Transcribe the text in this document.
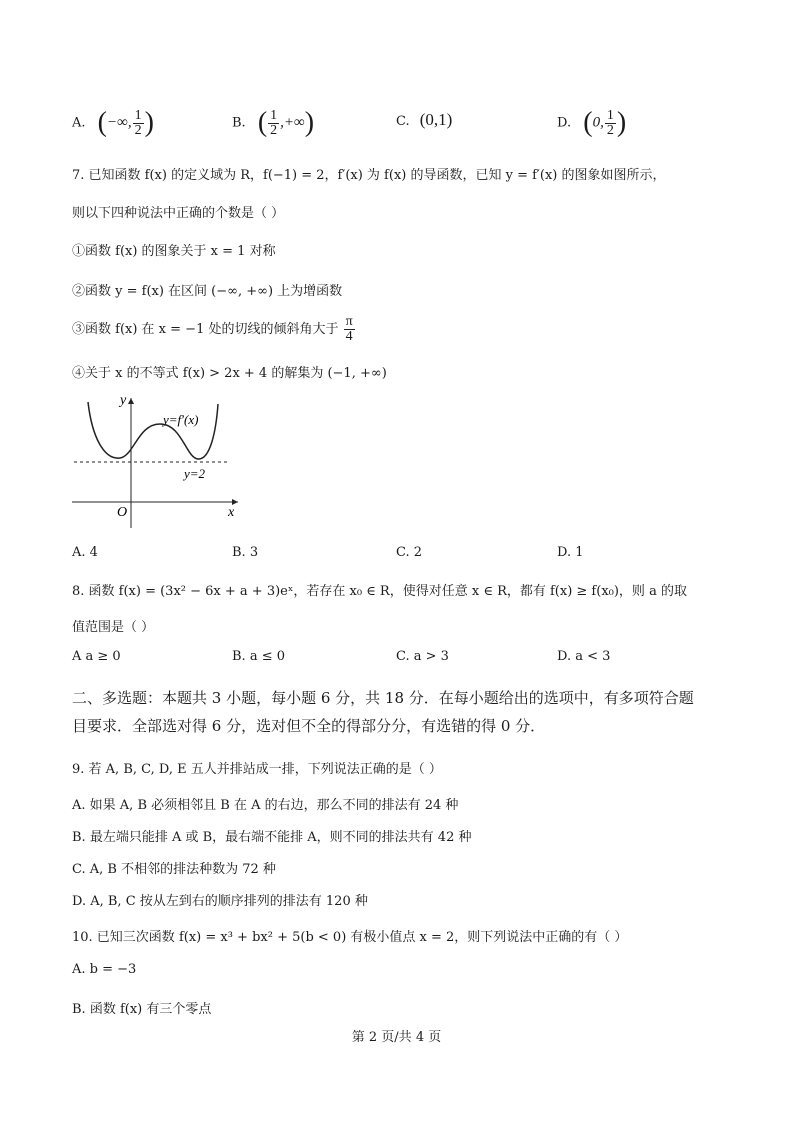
A. (−∞, $\frac{1}{2}$ )	B. ( $\frac{1}{2}$ ,+∞)	C. (0,1)	D. (0, $\frac{1}{2}$ )
7. 已知函数 f(x) 的定义域为 R，f(−1) = 2，f′(x) 为 f(x) 的导函数，已知 y = f′(x) 的图象如图所示，
则以下四种说法中正确的个数是（ ）
①函数 f(x) 的图象关于 x = 1 对称
②函数 y = f(x) 在区间 (−∞, +∞) 上为增函数
③函数 f(x) 在 x = −1 处的切线的倾斜角大于 $\frac{\pi}{4}$
④关于 x 的不等式 f(x) > 2x + 4 的解集为 (−1, +∞)
y
x
O
y=f′(x)
y=2
A. 4	B. 3	C. 2	D. 1
8. 函数 f(x) = (3x² − 6x + a + 3)eˣ，若存在 x₀ ∈ R，使得对任意 x ∈ R，都有 f(x) ≥ f(x₀)，则 a 的取
值范围是（ ）
A a ≥ 0	B. a ≤ 0	C. a > 3	D. a < 3
二、多选题：本题共 3 小题，每小题 6 分，共 18 分．在每小题给出的选项中，有多项符合题
目要求．全部选对得 6 分，选对但不全的得部分分，有选错的得 0 分．
9. 若 A, B, C, D, E 五人并排站成一排，下列说法正确的是（ ）
A. 如果 A, B 必须相邻且 B 在 A 的右边，那么不同的排法有 24 种
B. 最左端只能排 A 或 B，最右端不能排 A，则不同的排法共有 42 种
C. A, B 不相邻的排法种数为 72 种
D. A, B, C 按从左到右的顺序排列的排法有 120 种
10. 已知三次函数 f(x) = x³ + bx² + 5(b < 0) 有极小值点 x = 2，则下列说法中正确的有（ ）
A. b = −3
B. 函数 f(x) 有三个零点
第 2 页/共 4 页
